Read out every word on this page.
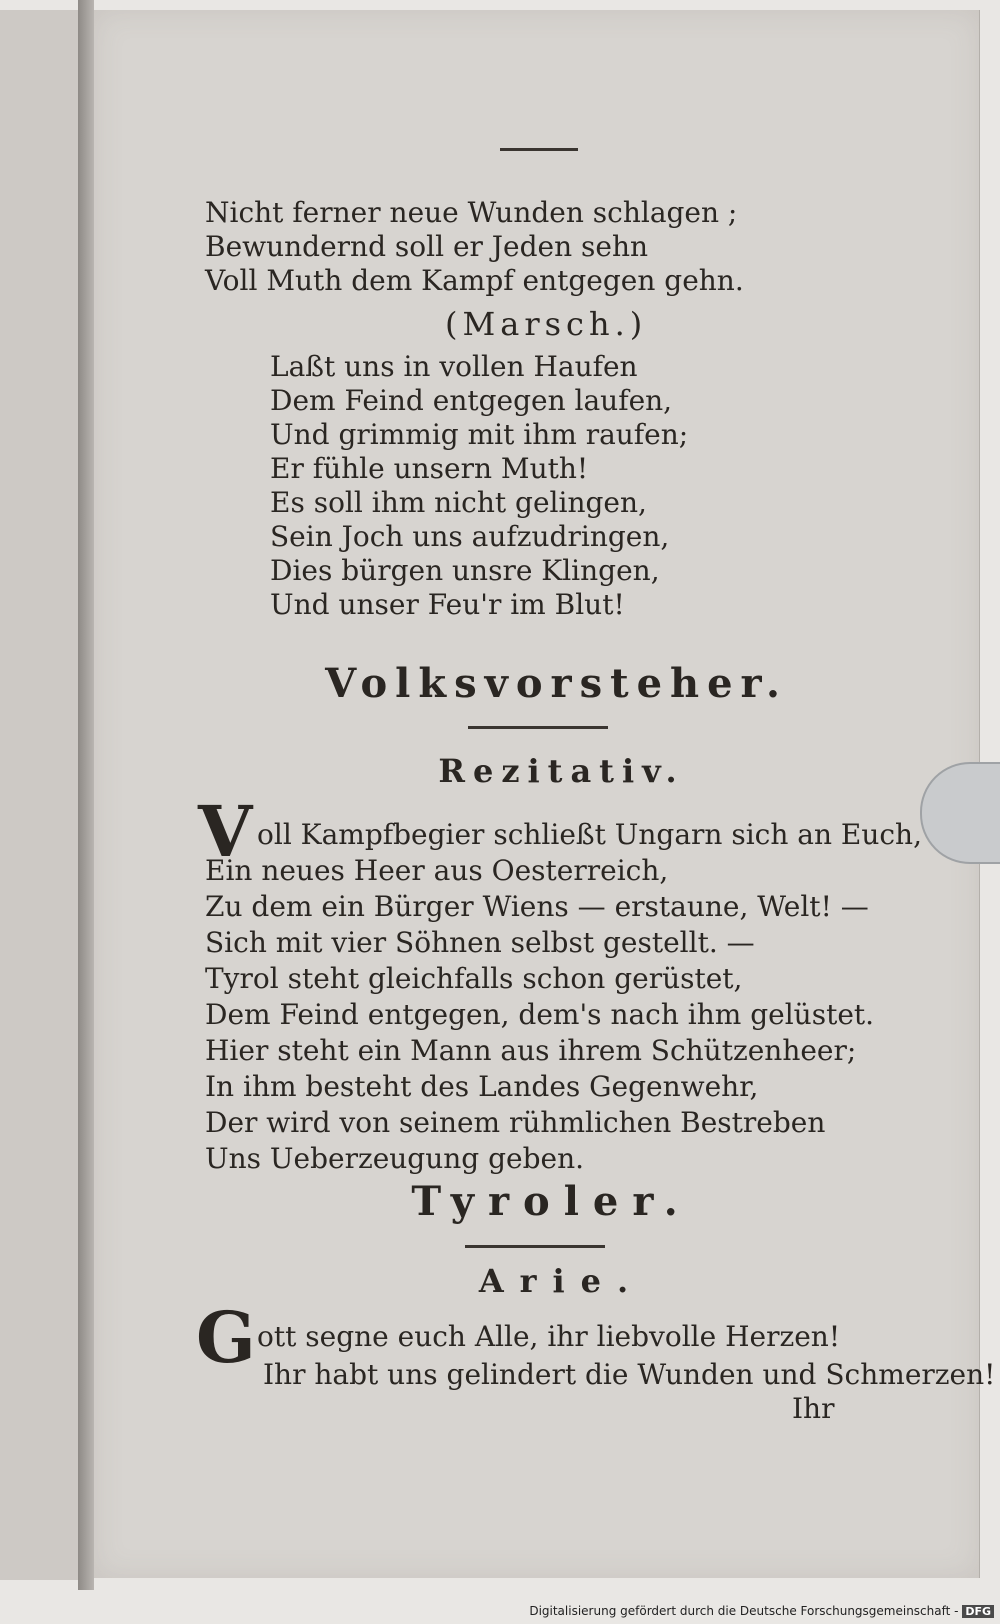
Nicht ferner neue Wunden schlagen ;
Bewundernd soll er Jeden sehn
Voll Muth dem Kampf entgegen gehn.
(Marsch.)
Laßt uns in vollen Haufen
Dem Feind entgegen laufen,
Und grimmig mit ihm raufen;
Er fühle unsern Muth!
Es soll ihm nicht gelingen,
Sein Joch uns aufzudringen,
Dies bürgen unsre Klingen,
Und unser Feu'r im Blut!
Volksvorsteher.
Rezitativ.
V oll Kampfbegier schließt Ungarn sich an Euch,
Ein neues Heer aus Oesterreich,
Zu dem ein Bürger Wiens — erstaune, Welt! —
Sich mit vier Söhnen selbst gestellt. —
Tyrol steht gleichfalls schon gerüstet,
Dem Feind entgegen, dem's nach ihm gelüstet.
Hier steht ein Mann aus ihrem Schützenheer;
In ihm besteht des Landes Gegenwehr,
Der wird von seinem rühmlichen Bestreben
Uns Ueberzeugung geben.
Tyroler.
Arie.
G ott segne euch Alle, ihr liebvolle Herzen!
Ihr habt uns gelindert die Wunden und Schmerzen!
Ihr
Digitalisierung gefördert durch die Deutsche Forschungsgemeinschaft - DFG
